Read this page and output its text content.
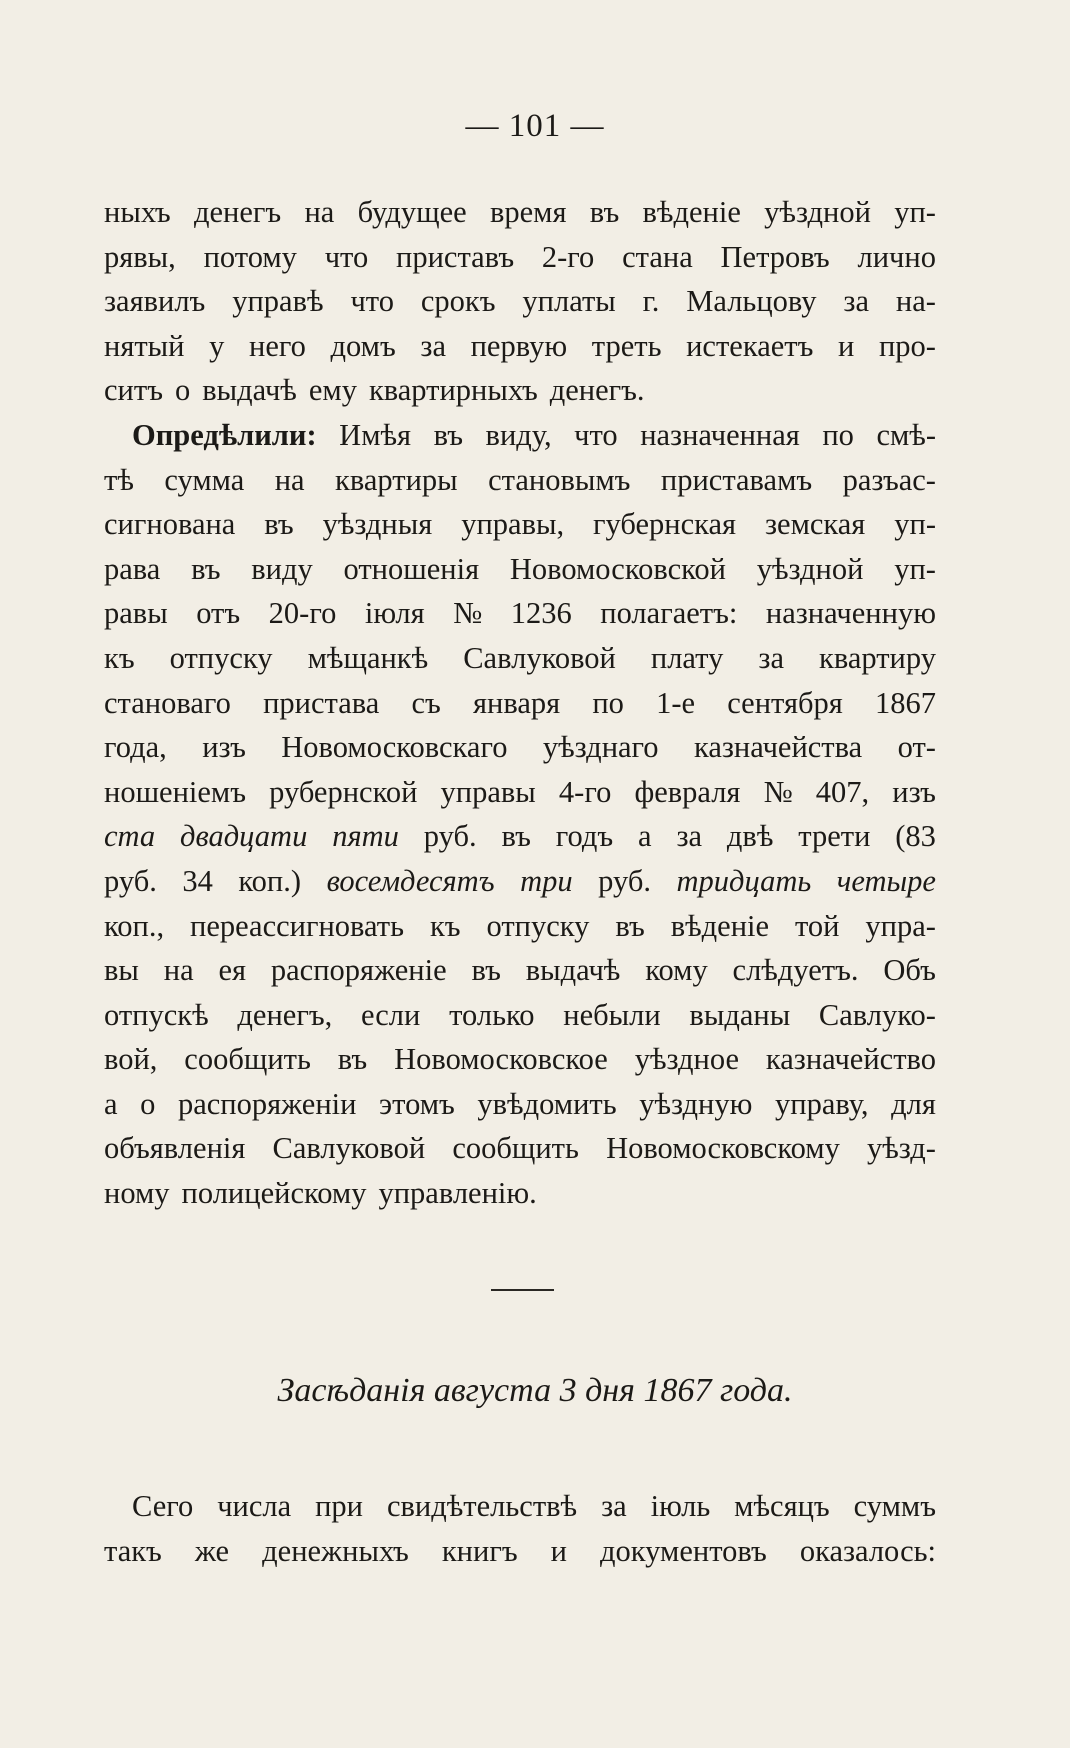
— 101 —
ныхъ денегъ на будущее время въ вѣденіе уѣздной уп-
рявы, потому что приставъ 2-го стана Петровъ лично
заявилъ управѣ что срокъ уплаты г. Мальцову за на-
нятый у него домъ за первую треть истекаетъ и про-
ситъ о выдачѣ ему квартирныхъ денегъ.
Опредѣлили: Имѣя въ виду, что назначенная по смѣ-
тѣ сумма на квартиры становымъ приставамъ разъас-
сигнована въ уѣздныя управы, губернская земская уп-
рава въ виду отношенія Новомосковской уѣздной уп-
равы отъ 20-го іюля № 1236 полагаетъ: назначенную
къ отпуску мѣщанкѣ Савлуковой плату за квартиру
становаго пристава съ января по 1-е сентября 1867
года, изъ Новомосковскаго уѣзднаго казначейства от-
ношеніемъ рубернской управы 4-го февраля № 407, изъ
ста двадцати пяти руб. въ годъ а за двѣ трети (83
руб. 34 коп.) восемдесятъ три руб. тридцать четыре
коп., переассигновать къ отпуску въ вѣденіе той упра-
вы на ея распоряженіе въ выдачѣ кому слѣдуетъ. Объ
отпускѣ денегъ, если только небыли выданы Савлуко-
вой, сообщить въ Новомосковское уѣздное казначейство
а о распоряженіи этомъ увѣдомить уѣздную управу, для
объявленія Савлуковой сообщить Новомосковскому уѣзд-
ному полицейскому управленію.
Засѣданія августа 3 дня 1867 года.
Сего числа при свидѣтельствѣ за іюль мѣсяцъ суммъ
такъ же денежныхъ книгъ и документовъ оказалось:
